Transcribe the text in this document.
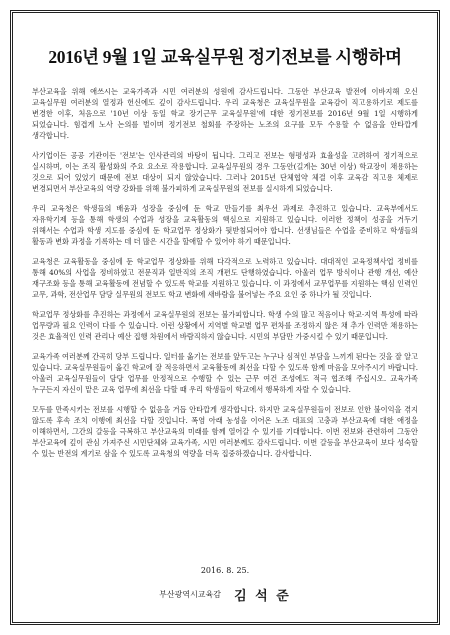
2016년 9월 1일 교육실무원 정기전보를 시행하며

부산교육을 위해 애쓰시는 교육가족과 시민 여러분의 성원에 감사드립니다. 그동안 부산교육 발전에 이바지해 오신 교육실무원 여러분의 열정과 헌신에도 깊이 감사드립니다. 우리 교육청은 교육실무원을 교육감이 직고용하기로 제도를 변경한 이후, 처음으로 '10년 이상 동일 학교 장기근무 교육실무원'에 대한 정기전보를 2016년 9월 1일 시행하게 되었습니다. 힘겹게 노사 논의를 벌이며 정기전보 철회를 주장하는 노조의 요구를 모두 수용할 수 없음을 안타깝게 생각합니다.

사기업이든 공공 기관이든 '전보'는 인사관리의 바탕이 됩니다. 그리고 전보는 형평성과 효율성을 고려하여 정기적으로 실시하며, 이는 조직 활성화의 주요 요소로 작용합니다. 교육실무원의 경우 그동안(길게는 30년 이상) 학교장이 채용하는 것으로 되어 있었기 때문에 전보 대상이 되지 않았습니다. 그러나 2015년 단체협약 체결 이후 교육감 직고용 체제로 변경되면서 부산교육의 역량 강화를 위해 불가피하게 교육실무원의 전보를 실시하게 되었습니다.

우리 교육청은 학생들의 배움과 성장을 중심에 둔 학교 만들기를 최우선 과제로 추진하고 있습니다. 교육부에서도 자유학기제 등을 통해 학생의 수업과 성장을 교육활동의 핵심으로 지원하고 있습니다. 이러한 정책이 성공을 거두기 위해서는 수업과 학생 지도를 중심에 둔 학교업무 정상화가 뒷받침되어야 합니다. 선생님들은 수업을 준비하고 학생들의 활동과 변화 과정을 기록하는 데 더 많은 시간을 할애할 수 있어야 하기 때문입니다.

교육청은 교육활동을 중심에 둔 학교업무 정상화를 위해 다각적으로 노력하고 있습니다. 대대적인 교육정책사업 정비를 통해 40%의 사업을 정비하였고 전문직과 일반직의 조직 개편도 단행하였습니다. 아울러 업무 방식이나 관행 개선, 예산 재구조화 등을 통해 교육활동에 전념할 수 있도록 학교를 지원하고 있습니다. 이 과정에서 교무업무를 지원하는 핵심 인력인 교무, 과학, 전산업무 담당 실무원의 전보도 학교 변화에 새바람을 불어넣는 주요 요인 중 하나가 될 것입니다.

학교업무 정상화를 추진하는 과정에서 교육실무원의 전보는 불가피합니다. 학생 수의 많고 적음이나 학교·지역 특성에 따라 업무량과 필요 인력이 다를 수 있습니다. 이런 상황에서 지역별 학교별 업무 편차를 조정하지 않은 채 추가 인력만 채용하는 것은 효율적인 인력 관리나 예산 집행 차원에서 바람직하지 않습니다. 시민의 부담만 가중시킬 수 있기 때문입니다.

교육가족 여러분께 간곡히 당부 드립니다. 일터를 옮기는 전보를 앞두고는 누구나 심적인 부담을 느끼게 된다는 것을 잘 알고 있습니다. 교육실무원들이 옮긴 학교에 잘 적응하면서 교육활동에 최선을 다할 수 있도록 함께 마음을 모아주시기 바랍니다. 아울러 교육실무원들이 담당 업무를 안정적으로 수행할 수 있는 근무 여건 조성에도 적극 협조해 주십시오. 교육가족 누구든지 자신이 맡은 교육 업무에 최선을 다할 때 우리 학생들이 학교에서 행복하게 자랄 수 있습니다.

모두를 만족시키는 전보를 시행할 수 없음을 거듭 안타깝게 생각합니다. 하지만 교육실무원들이 전보로 인한 불이익을 겪지 않도록 후속 조치 이행에 최선을 다할 것입니다. 폭염 아래 농성을 이어온 노조 대표의 고충과 부산교육에 대한 애정을 이해하면서, 그간의 갈등을 극복하고 부산교육의 미래를 함께 열어갈 수 있기를 기대합니다. 이번 전보와 관련하여 그동안 부산교육에 깊이 관심 가져주신 시민단체와 교육가족, 시민 여러분께도 감사드립니다. 이번 갈등을 부산교육이 보다 성숙할 수 있는 반전의 계기로 삼을 수 있도록 교육청의 역량을 더욱 집중하겠습니다. 감사합니다.

2016. 8. 25.
부산광역시교육감 김 석 준
